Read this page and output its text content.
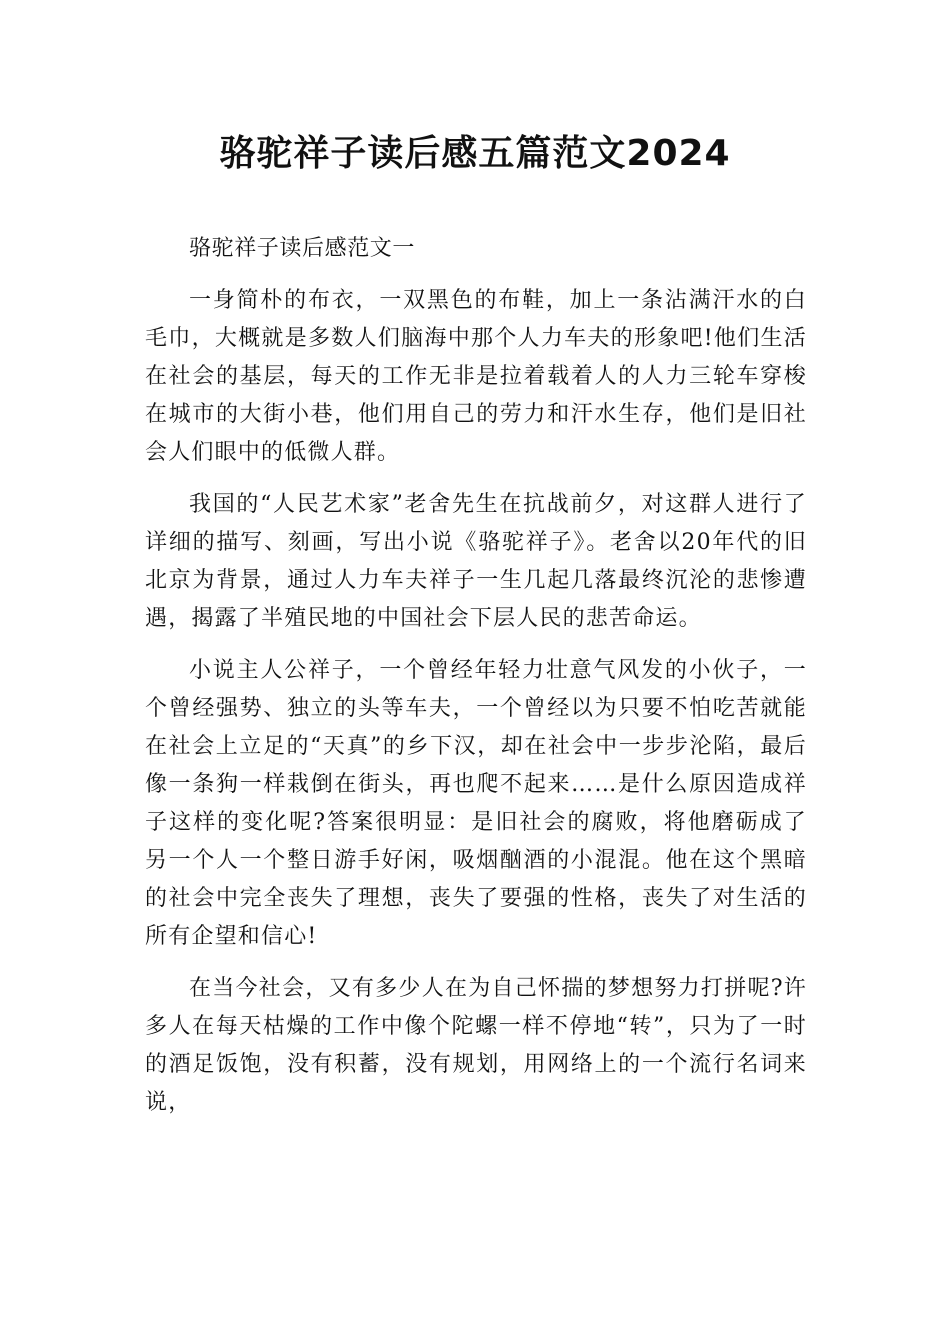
骆驼祥子读后感五篇范文2024

骆驼祥子读后感范文一

一身简朴的布衣，一双黑色的布鞋，加上一条沾满汗水的白毛巾，大概就是多数人们脑海中那个人力车夫的形象吧!他们生活在社会的基层，每天的工作无非是拉着载着人的人力三轮车穿梭在城市的大街小巷，他们用自己的劳力和汗水生存，他们是旧社会人们眼中的低微人群。

我国的“人民艺术家”老舍先生在抗战前夕，对这群人进行了详细的描写、刻画，写出小说《骆驼祥子》。老舍以20年代的旧北京为背景，通过人力车夫祥子一生几起几落最终沉沦的悲惨遭遇，揭露了半殖民地的中国社会下层人民的悲苦命运。

小说主人公祥子，一个曾经年轻力壮意气风发的小伙子，一个曾经强势、独立的头等车夫，一个曾经以为只要不怕吃苦就能在社会上立足的“天真”的乡下汉，却在社会中一步步沦陷，最后像一条狗一样栽倒在街头，再也爬不起来……是什么原因造成祥子这样的变化呢?答案很明显：是旧社会的腐败，将他磨砺成了另一个人一个整日游手好闲，吸烟酗酒的小混混。他在这个黑暗的社会中完全丧失了理想，丧失了要强的性格，丧失了对生活的所有企望和信心!

在当今社会，又有多少人在为自己怀揣的梦想努力打拼呢?许多人在每天枯燥的工作中像个陀螺一样不停地“转”，只为了一时的酒足饭饱，没有积蓄，没有规划，用网络上的一个流行名词来说，
